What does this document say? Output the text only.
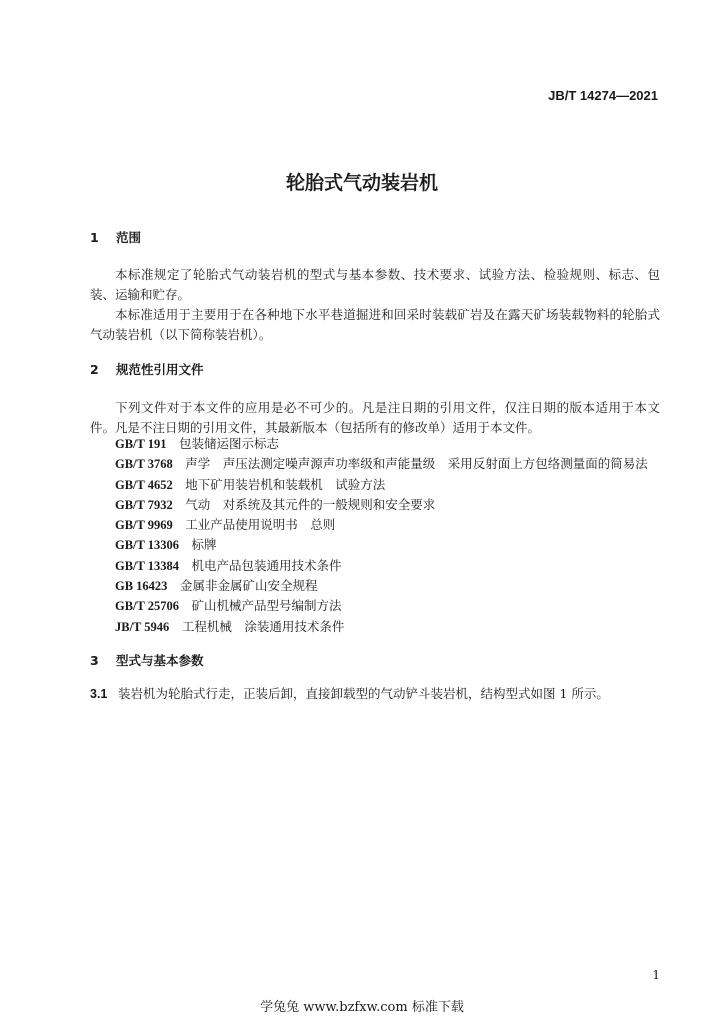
JB/T 14274—2021
轮胎式气动装岩机
1 范围
本标准规定了轮胎式气动装岩机的型式与基本参数、技术要求、试验方法、检验规则、标志、包装、运输和贮存。
本标准适用于主要用于在各种地下水平巷道掘进和回采时装载矿岩及在露天矿场装载物料的轮胎式气动装岩机（以下简称装岩机）。
2 规范性引用文件
下列文件对于本文件的应用是必不可少的。凡是注日期的引用文件，仅注日期的版本适用于本文件。凡是不注日期的引用文件，其最新版本（包括所有的修改单）适用于本文件。
GB/T 191　 包装储运图示标志
GB/T 3768　 声学　声压法测定噪声源声功率级和声能量级　采用反射面上方包络测量面的简易法
GB/T 4652　 地下矿用装岩机和装载机　试验方法
GB/T 7932　 气动　对系统及其元件的一般规则和安全要求
GB/T 9969　 工业产品使用说明书　总则
GB/T 13306　 标牌
GB/T 13384　 机电产品包装通用技术条件
GB 16423　 金属非金属矿山安全规程
GB/T 25706　 矿山机械产品型号编制方法
JB/T 5946　 工程机械　涂装通用技术条件
3 型式与基本参数
3.1 装岩机为轮胎式行走，正装后卸，直接卸载型的气动铲斗装岩机，结构型式如图 1 所示。
1
学兔兔 www.bzfxw.com 标准下载
